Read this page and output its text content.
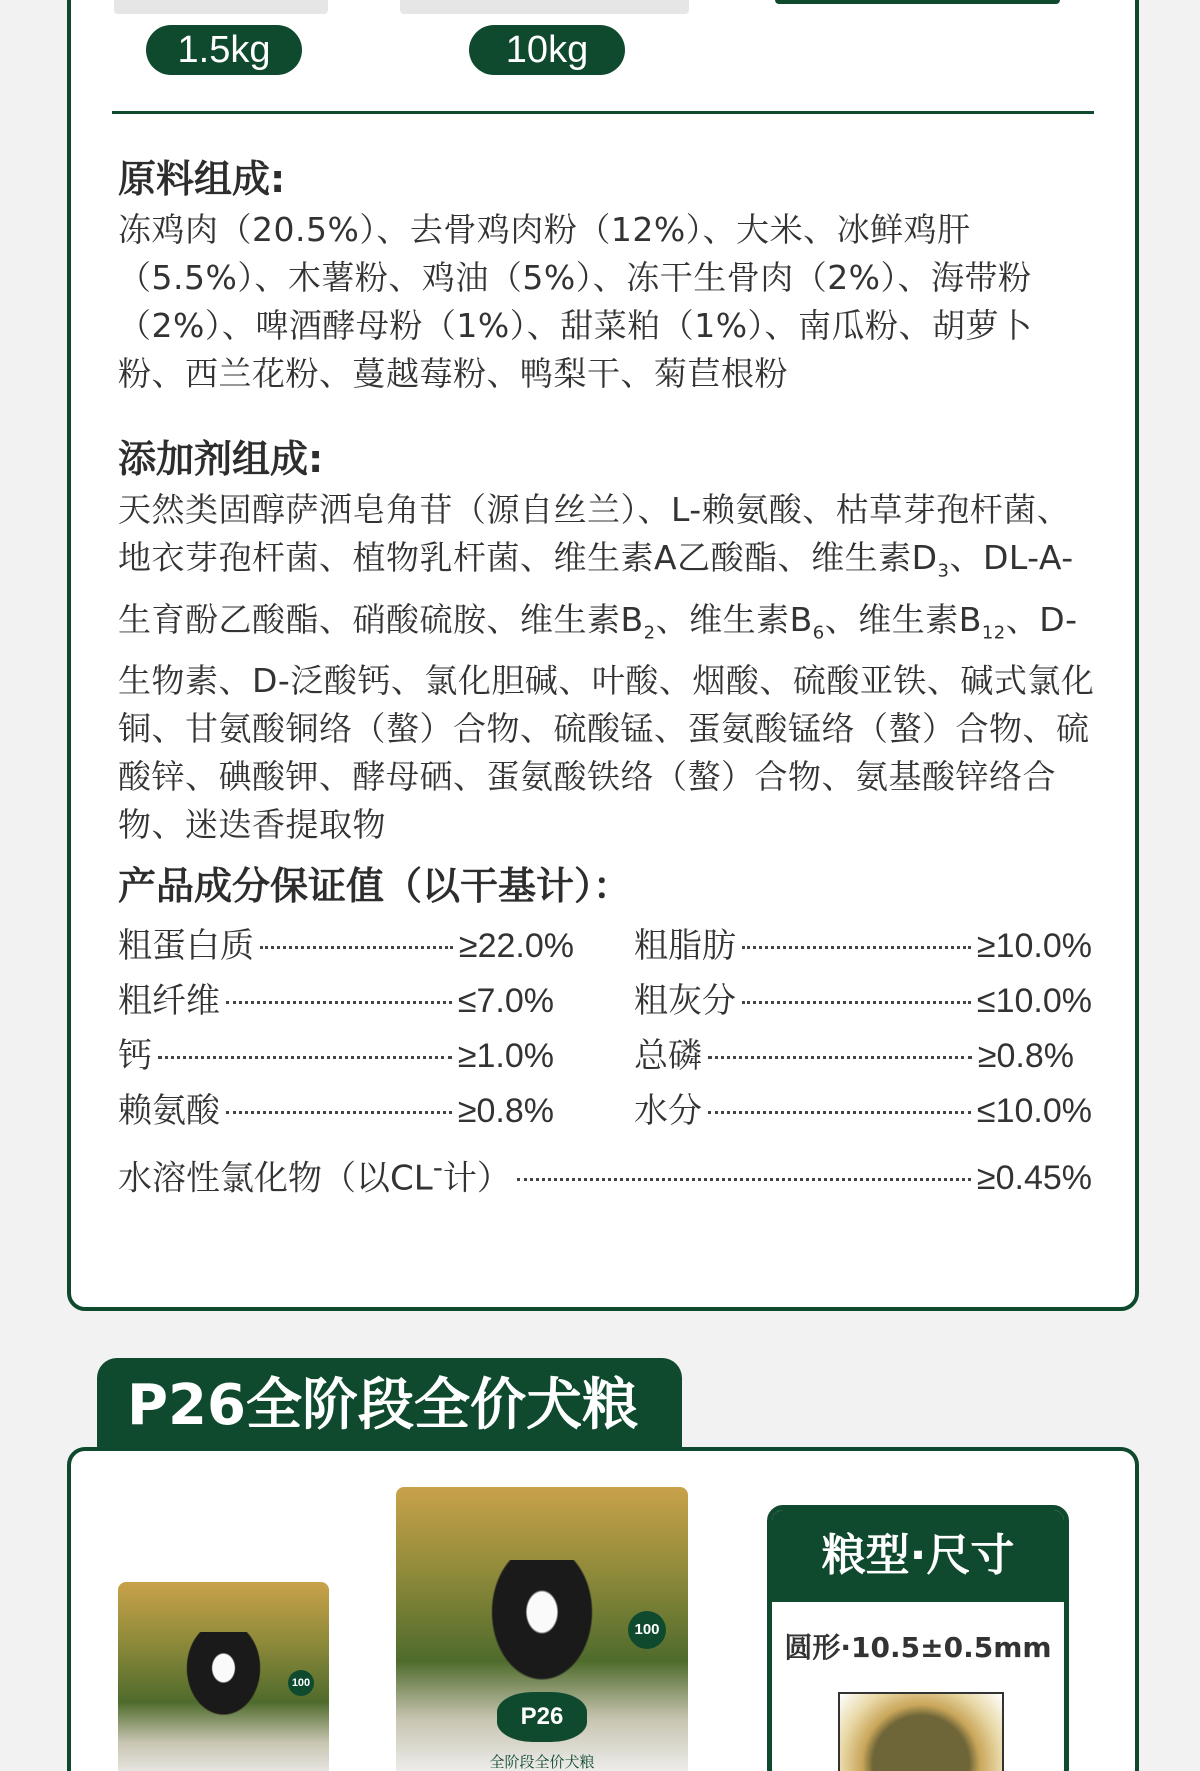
1.5kg	10kg
原料组成:
冻鸡肉（20.5%）、去骨鸡肉粉（12%）、大米、冰鲜鸡肝（5.5%）、木薯粉、鸡油（5%）、冻干生骨肉（2%）、海带粉（2%）、啤酒酵母粉（1%）、甜菜粕（1%）、南瓜粉、胡萝卜粉、西兰花粉、蔓越莓粉、鸭梨干、菊苣根粉
添加剂组成:
天然类固醇萨洒皂角苷（源自丝兰）、L-赖氨酸、枯草芽孢杆菌、地衣芽孢杆菌、植物乳杆菌、维生素A乙酸酯、维生素$D_3$、DL-A-生育酚乙酸酯、硝酸硫胺、维生素$B_2$、维生素$B_6$、维生素$B_{12}$、D-生物素、D-泛酸钙、氯化胆碱、叶酸、烟酸、硫酸亚铁、碱式氯化铜、甘氨酸铜络（螯）合物、硫酸锰、蛋氨酸锰络（螯）合物、硫酸锌、碘酸钾、酵母硒、蛋氨酸铁络（螯）合物、氨基酸锌络合物、迷迭香提取物
产品成分保证值（以干基计）：
粗蛋白质	≥22.0% 粗脂肪	≥10.0%
粗纤维	≤7.0% 粗灰分	≤10.0%
钙	≥1.0% 总磷	≥0.8%
赖氨酸	≥0.8% 水分	≤10.0%
水溶性氯化物（以CL-计）	≥0.45%
P26全阶段全价犬粮
100
100
P26
全阶段全价犬粮
粮型·尺寸
圆形·10.5±0.5mm
